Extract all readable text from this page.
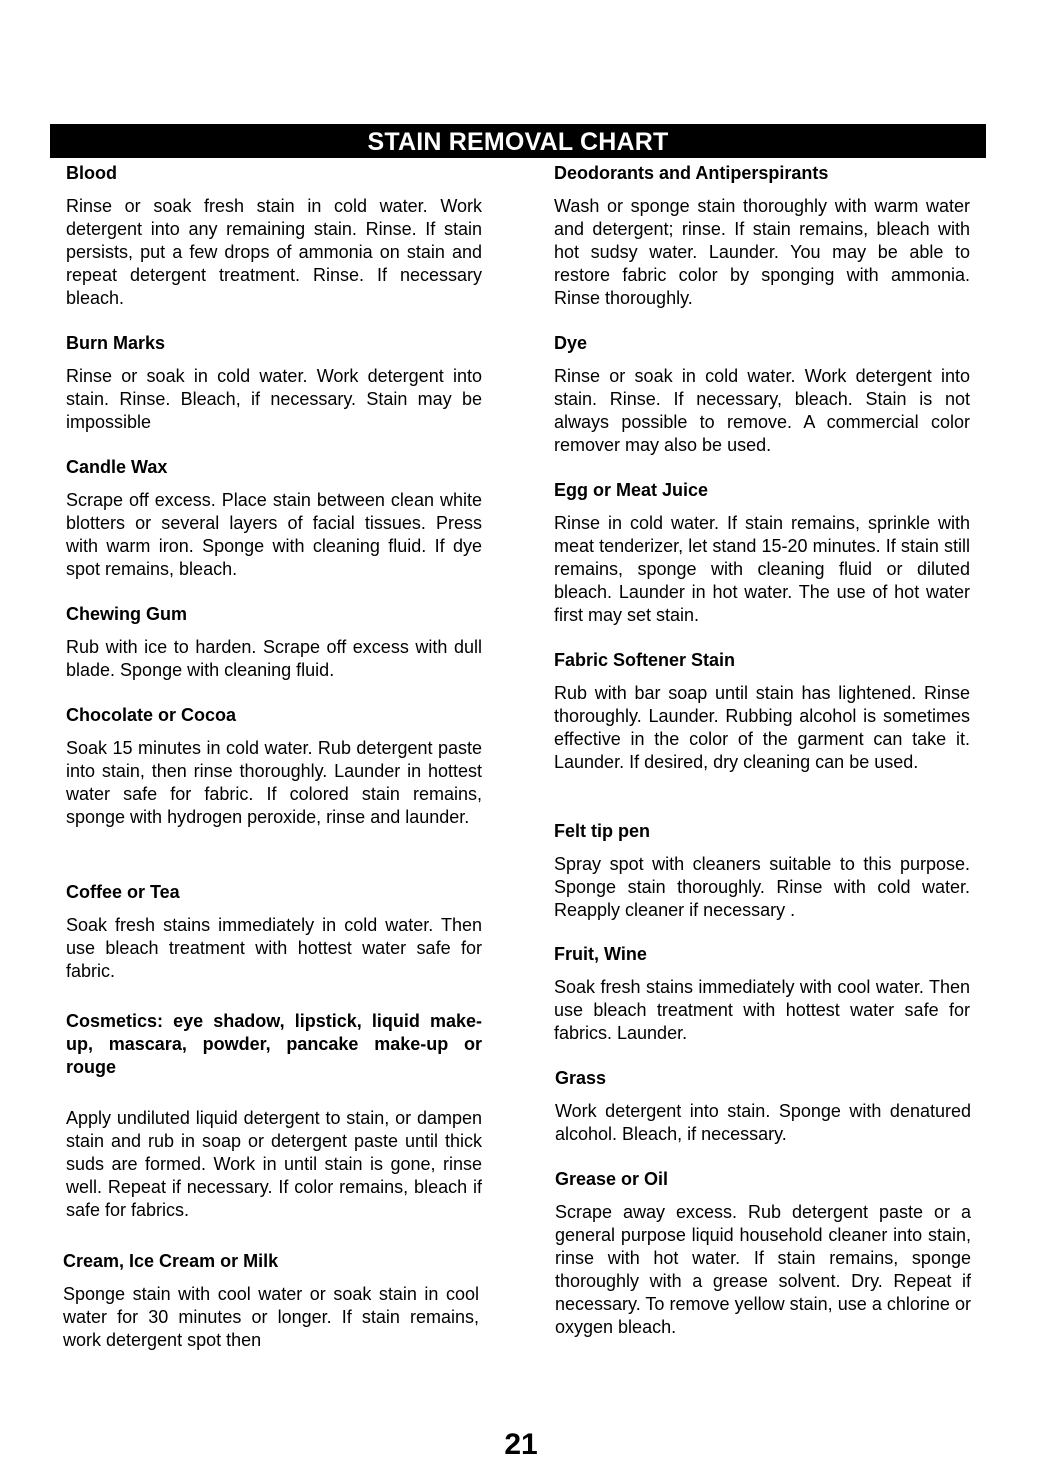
STAIN REMOVAL CHART
Blood

Rinse or soak fresh stain in cold water. Work detergent into any remaining stain. Rinse. If stain persists, put a few drops of ammonia on stain and repeat detergent treatment. Rinse. If necessary bleach.

Burn Marks

Rinse or soak in cold water. Work detergent into stain. Rinse. Bleach, if necessary. Stain may be impossible

Candle Wax

Scrape off excess. Place stain between clean white blotters or several layers of facial tissues. Press with warm iron. Sponge with cleaning fluid. If dye spot remains, bleach.

Chewing Gum

Rub with ice to harden. Scrape off excess with dull blade. Sponge with cleaning fluid.

Chocolate or Cocoa

Soak 15 minutes in cold water. Rub detergent paste into stain, then rinse thoroughly. Launder in hottest water safe for fabric. If colored stain remains, sponge with hydrogen peroxide, rinse and launder.

Coffee or Tea

Soak fresh stains immediately in cold water. Then use bleach treatment with hottest water safe for fabric.

Cosmetics: eye shadow, lipstick, liquid make-up, mascara, powder, pancake make-up or rouge

Apply undiluted liquid detergent to stain, or dampen stain and rub in soap or detergent paste until thick suds are formed. Work in until stain is gone, rinse well. Repeat if necessary. If color remains, bleach if safe for fabrics.

Cream, Ice Cream or Milk

Sponge stain with cool water or soak stain in cool water for 30 minutes or longer. If stain remains, work detergent spot then

Deodorants and Antiperspirants

Wash or sponge stain thoroughly with warm water and detergent; rinse. If stain remains, bleach with hot sudsy water. Launder. You may be able to restore fabric color by sponging with ammonia. Rinse thoroughly.

Dye

Rinse or soak in cold water. Work detergent into stain. Rinse. If necessary, bleach. Stain is not always possible to remove. A commercial color remover may also be used.

Egg or Meat Juice

Rinse in cold water. If stain remains, sprinkle with meat tenderizer, let stand 15-20 minutes. If stain still remains, sponge with cleaning fluid or diluted bleach. Launder in hot water. The use of hot water first may set stain.

Fabric Softener Stain

Rub with bar soap until stain has lightened. Rinse thoroughly. Launder. Rubbing alcohol is sometimes effective in the color of the garment can take it. Launder. If desired, dry cleaning can be used.

Felt tip pen

Spray spot with cleaners suitable to this purpose. Sponge stain thoroughly. Rinse with cold water. Reapply cleaner if necessary .

Fruit, Wine

Soak fresh stains immediately with cool water. Then use bleach treatment with hottest water safe for fabrics. Launder.

Grass

Work detergent into stain. Sponge with denatured alcohol. Bleach, if necessary.

Grease or Oil

Scrape away excess. Rub detergent paste or a general purpose liquid household cleaner into stain, rinse with hot water. If stain remains, sponge thoroughly with a grease solvent. Dry. Repeat if necessary. To remove yellow stain, use a chlorine or oxygen bleach.

21
